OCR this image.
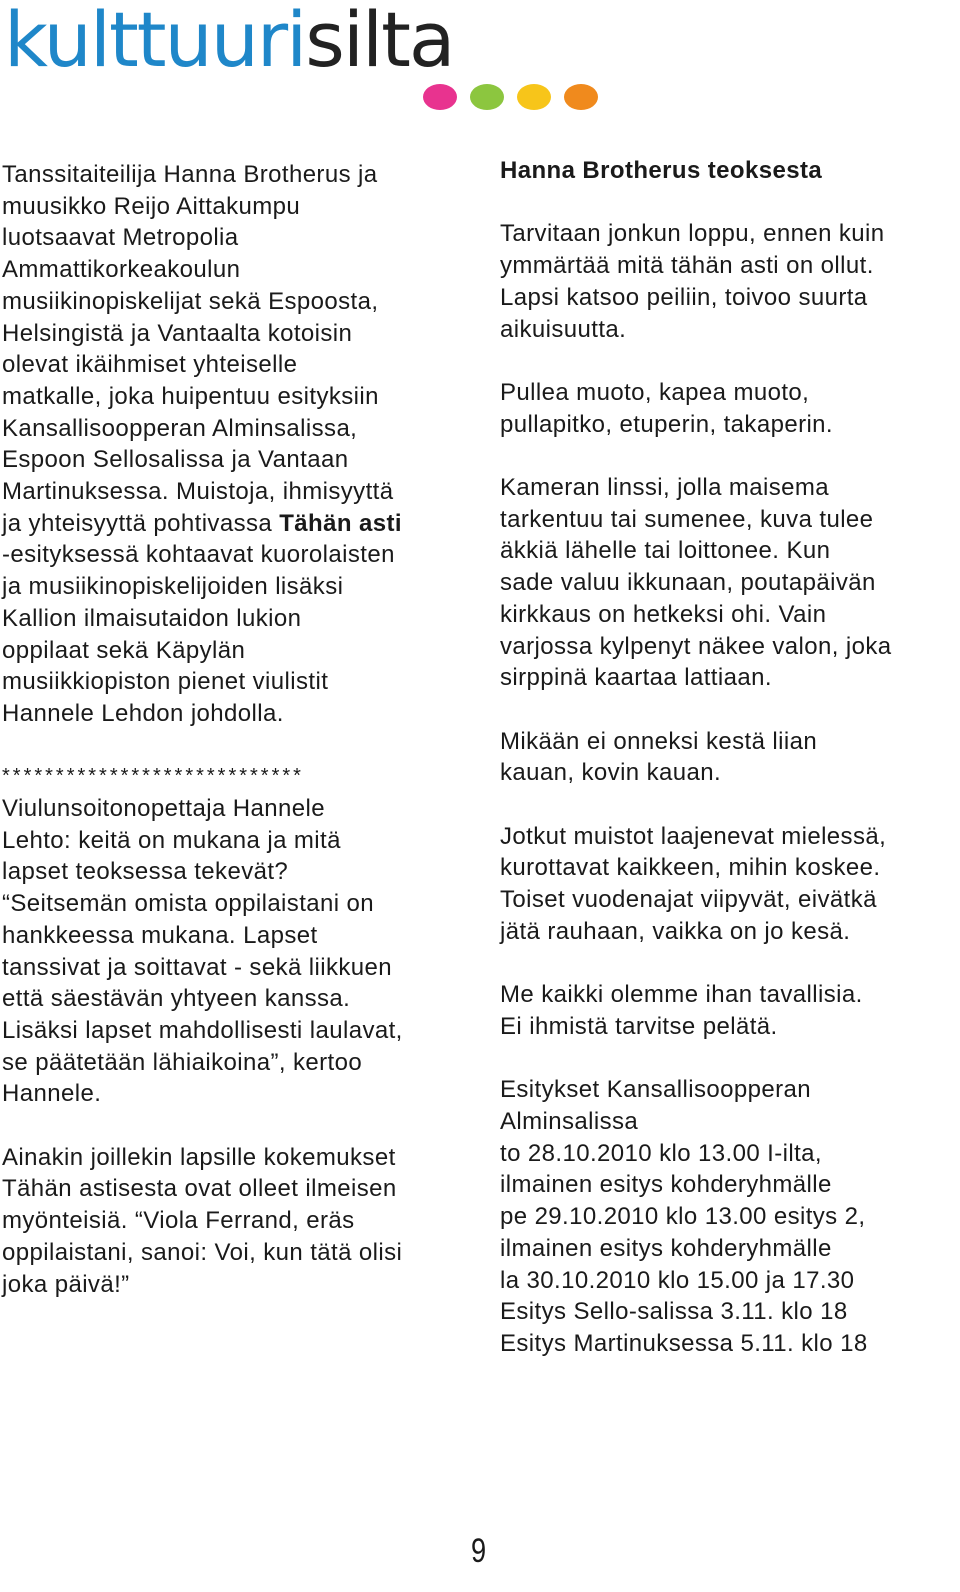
kulttuurisilta

Tanssitaiteilija Hanna Brotherus ja
muusikko Reijo Aittakumpu
luotsaavat Metropolia
Ammattikorkeakoulun
musiikinopiskelijat sekä Espoosta,
Helsingistä ja Vantaalta kotoisin
olevat ikäihmiset yhteiselle
matkalle, joka huipentuu esityksiin
Kansallisoopperan Alminsalissa,
Espoon Sellosalissa ja Vantaan
Martinuksessa. Muistoja, ihmisyyttä
ja yhteisyyttä pohtivassa Tähän asti
-esityksessä kohtaavat kuorolaisten
ja musiikinopiskelijoiden lisäksi
Kallion ilmaisutaidon lukion
oppilaat sekä Käpylän
musiikkiopiston pienet viulistit
Hannele Lehdon johdolla.

****************************

Viulunsoitonopettaja Hannele
Lehto: keitä on mukana ja mitä
lapset teoksessa tekevät?
“Seitsemän omista oppilaistani on
hankkeessa mukana. Lapset
tanssivat ja soittavat - sekä liikkuen
että säestävän yhtyeen kanssa.
Lisäksi lapset mahdollisesti laulavat,
se päätetään lähiaikoina”, kertoo
Hannele.

Ainakin joillekin lapsille kokemukset
Tähän astisesta ovat olleet ilmeisen
myönteisiä. “Viola Ferrand, eräs
oppilaistani, sanoi: Voi, kun tätä olisi
joka päivä!”

Hanna Brotherus teoksesta

Tarvitaan jonkun loppu, ennen kuin
ymmärtää mitä tähän asti on ollut.
Lapsi katsoo peiliin, toivoo suurta
aikuisuutta.

Pullea muoto, kapea muoto,
pullapitko, etuperin, takaperin.

Kameran linssi, jolla maisema
tarkentuu tai sumenee, kuva tulee
äkkiä lähelle tai loittonee. Kun
sade valuu ikkunaan, poutapäivän
kirkkaus on hetkeksi ohi. Vain
varjossa kylpenyt näkee valon, joka
sirppinä kaartaa lattiaan.

Mikään ei onneksi kestä liian
kauan, kovin kauan.

Jotkut muistot laajenevat mielessä,
kurottavat kaikkeen, mihin koskee.
Toiset vuodenajat viipyvät, eivätkä
jätä rauhaan, vaikka on jo kesä.

Me kaikki olemme ihan tavallisia.
Ei ihmistä tarvitse pelätä.

Esitykset Kansallisoopperan
Alminsalissa
to 28.10.2010 klo 13.00 I-ilta,
ilmainen esitys kohderyhmälle
pe 29.10.2010 klo 13.00 esitys 2,
ilmainen esitys kohderyhmälle
la 30.10.2010 klo 15.00 ja 17.30
Esitys Sello-salissa 3.11. klo 18
Esitys Martinuksessa 5.11. klo 18

9
